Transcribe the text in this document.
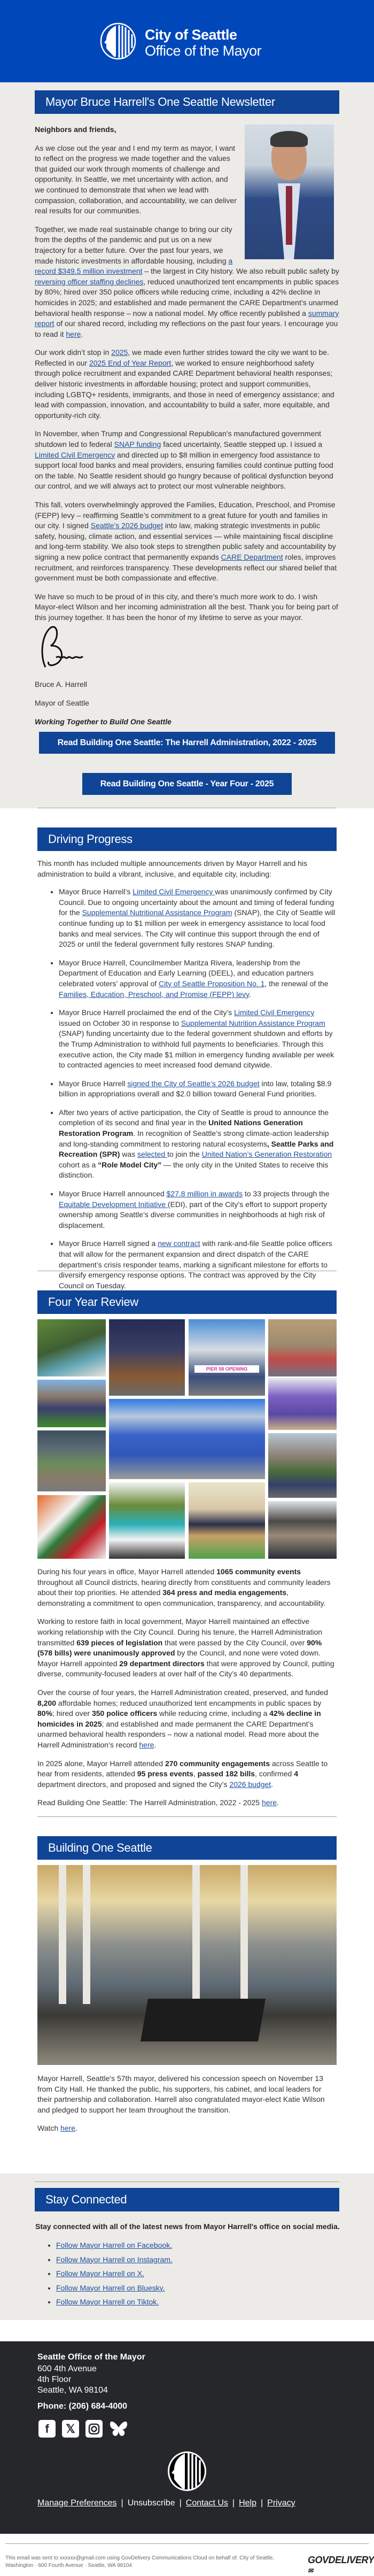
City of Seattle
Office of the Mayor
Mayor Bruce Harrell's One Seattle Newsletter

Neighbors and friends,

As we close out the year and I end my term as mayor, I want to reflect on the progress we made together and the values that guided our work through moments of challenge and opportunity. In Seattle, we met uncertainty with action, and we continued to demonstrate that when we lead with compassion, collaboration, and accountability, we can deliver real results for our communities.

Together, we made real sustainable change to bring our city from the depths of the pandemic and put us on a new trajectory for a better future. Over the past four years, we made historic investments in affordable housing, including a record $349.5 million investment – the largest in City history. We also rebuilt public safety by reversing officer staffing declines, reduced unauthorized tent encampments in public spaces by 80%; hired over 350 police officers while reducing crime, including a 42% decline in homicides in 2025; and established and made permanent the CARE Department’s unarmed behavioral health response – now a national model. My office recently published a summary report of our shared record, including my reflections on the past four years. I encourage you to read it here.

Our work didn’t stop in 2025, we made even further strides toward the city we want to be. Reflected in our 2025 End of Year Report, we worked to ensure neighborhood safety through police recruitment and expanded CARE Department behavioral health responses; deliver historic investments in affordable housing; protect and support communities, including LGBTQ+ residents, immigrants, and those in need of emergency assistance; and lead with compassion, innovation, and accountability to build a safer, more equitable, and opportunity-rich city.

In November, when Trump and Congressional Republican’s manufactured government shutdown led to federal SNAP funding faced uncertainty, Seattle stepped up. I issued a Limited Civil Emergency and directed up to $8 million in emergency food assistance to support local food banks and meal providers, ensuring families could continue putting food on the table. No Seattle resident should go hungry because of political dysfunction beyond our control, and we will always act to protect our most vulnerable neighbors.

This fall, voters overwhelmingly approved the Families, Education, Preschool, and Promise (FEPP) levy – reaffirming Seattle’s commitment to a great future for youth and families in our city. I signed Seattle’s 2026 budget into law, making strategic investments in public safety, housing, climate action, and essential services — while maintaining fiscal discipline and long-term stability. We also took steps to strengthen public safety and accountability by signing a new police contract that permanently expands CARE Department roles, improves recruitment, and reinforces transparency. These developments reflect our shared belief that government must be both compassionate and effective.

We have so much to be proud of in this city, and there’s much more work to do. I wish Mayor-elect Wilson and her incoming administration all the best. Thank you for being part of this journey together. It has been the honor of my lifetime to serve as your mayor.

Bruce A. Harrell
Mayor of Seattle
Working Together to Build One Seattle
Read Building One Seattle: The Harrell Administration, 2022 - 2025
Read Building One Seattle - Year Four - 2025
Driving Progress

This month has included multiple announcements driven by Mayor Harrell and his administration to build a vibrant, inclusive, and equitable city, including:

• Mayor Bruce Harrell’s Limited Civil Emergency was unanimously confirmed by City Council. Due to ongoing uncertainty about the amount and timing of federal funding for the Supplemental Nutritional Assistance Program (SNAP), the City of Seattle will continue funding up to $1 million per week in emergency assistance to local food banks and meal services. The City will continue this support through the end of 2025 or until the federal government fully restores SNAP funding.
• Mayor Bruce Harrell, Councilmember Maritza Rivera, leadership from the Department of Education and Early Learning (DEEL), and education partners celebrated voters’ approval of City of Seattle Proposition No. 1, the renewal of the Families, Education, Preschool, and Promise (FEPP) levy.
• Mayor Bruce Harrell proclaimed the end of the City’s Limited Civil Emergency issued on October 30 in response to Supplemental Nutrition Assistance Program (SNAP) funding uncertainty due to the federal government shutdown and efforts by the Trump Administration to withhold full payments to beneficiaries. Through this executive action, the City made $1 million in emergency funding available per week to contracted agencies to meet increased food demand citywide.
• Mayor Bruce Harrell signed the City of Seattle’s 2026 budget into law, totaling $8.9 billion in appropriations overall and $2.0 billion toward General Fund priorities.
• After two years of active participation, the City of Seattle is proud to announce the completion of its second and final year in the United Nations Generation Restoration Program. In recognition of Seattle’s strong climate-action leadership and long-standing commitment to restoring natural ecosystems, Seattle Parks and Recreation (SPR) was selected to join the United Nation’s Generation Restoration cohort as a “Role Model City” — the only city in the United States to receive this distinction.
• Mayor Bruce Harrell announced $27.8 million in awards to 33 projects through the Equitable Development Initiative (EDI), part of the City’s effort to support property ownership among Seattle’s diverse communities in neighborhoods at high risk of displacement.
• Mayor Bruce Harrell signed a new contract with rank-and-file Seattle police officers that will allow for the permanent expansion and direct dispatch of the CARE department’s crisis responder teams, marking a significant milestone for efforts to diversify emergency response options. The contract was approved by the City Council on Tuesday.
Four Year Review
PIER 58 OPENING

During his four years in office, Mayor Harrell attended 1065 community events throughout all Council districts, hearing directly from constituents and community leaders about their top priorities. He attended 364 press and media engagements, demonstrating a commitment to open communication, transparency, and accountability.

Working to restore faith in local government, Mayor Harrell maintained an effective working relationship with the City Council. During his tenure, the Harrell Administration transmitted 639 pieces of legislation that were passed by the City Council, over 90% (578 bills) were unanimously approved by the Council, and none were voted down. Mayor Harrell appointed 29 department directors that were approved by Council, putting diverse, community-focused leaders at over half of the City’s 40 departments.

Over the course of four years, the Harrell Administration created, preserved, and funded 8,200 affordable homes; reduced unauthorized tent encampments in public spaces by 80%; hired over 350 police officers while reducing crime, including a 42% decline in homicides in 2025; and established and made permanent the CARE Department’s unarmed behavioral health responders – now a national model. Read more about the Harrell Administration’s record here.

In 2025 alone, Mayor Harrell attended 270 community engagements across Seattle to hear from residents, attended 95 press events, passed 182 bills, confirmed 4 department directors, and proposed and signed the City’s 2026 budget.

Read Building One Seattle: The Harrell Administration, 2022 - 2025 here.

Building One Seattle

Mayor Harrell, Seattle's 57th mayor, delivered his concession speech on November 13 from City Hall. He thanked the public, his supporters, his cabinet, and local leaders for their partnership and collaboration. Harrell also congratulated mayor-elect Katie Wilson and pledged to support her team throughout the transition.

Watch here.

Stay Connected
Stay connected with all of the latest news from Mayor Harrell's office on social media.
• Follow Mayor Harrell on Facebook.
• Follow Mayor Harrell on Instagram.
• Follow Mayor Harrell on X.
• Follow Mayor Harrell on Bluesky.
• Follow Mayor Harrell on Tiktok.
Seattle Office of the Mayor
600 4th Avenue
4th Floor
Seattle, WA 98104
Phone: (206) 684-4000
f	𝕏
Manage Preferences | Unsubscribe | Contact Us | Help | Privacy
This email was sent to xxxxxx@gmail.com using GovDelivery Communications Cloud on behalf of: City of Seattle, Washington · 600 Fourth Avenue · Seattle, WA 98104
GOVDELIVERY✉
